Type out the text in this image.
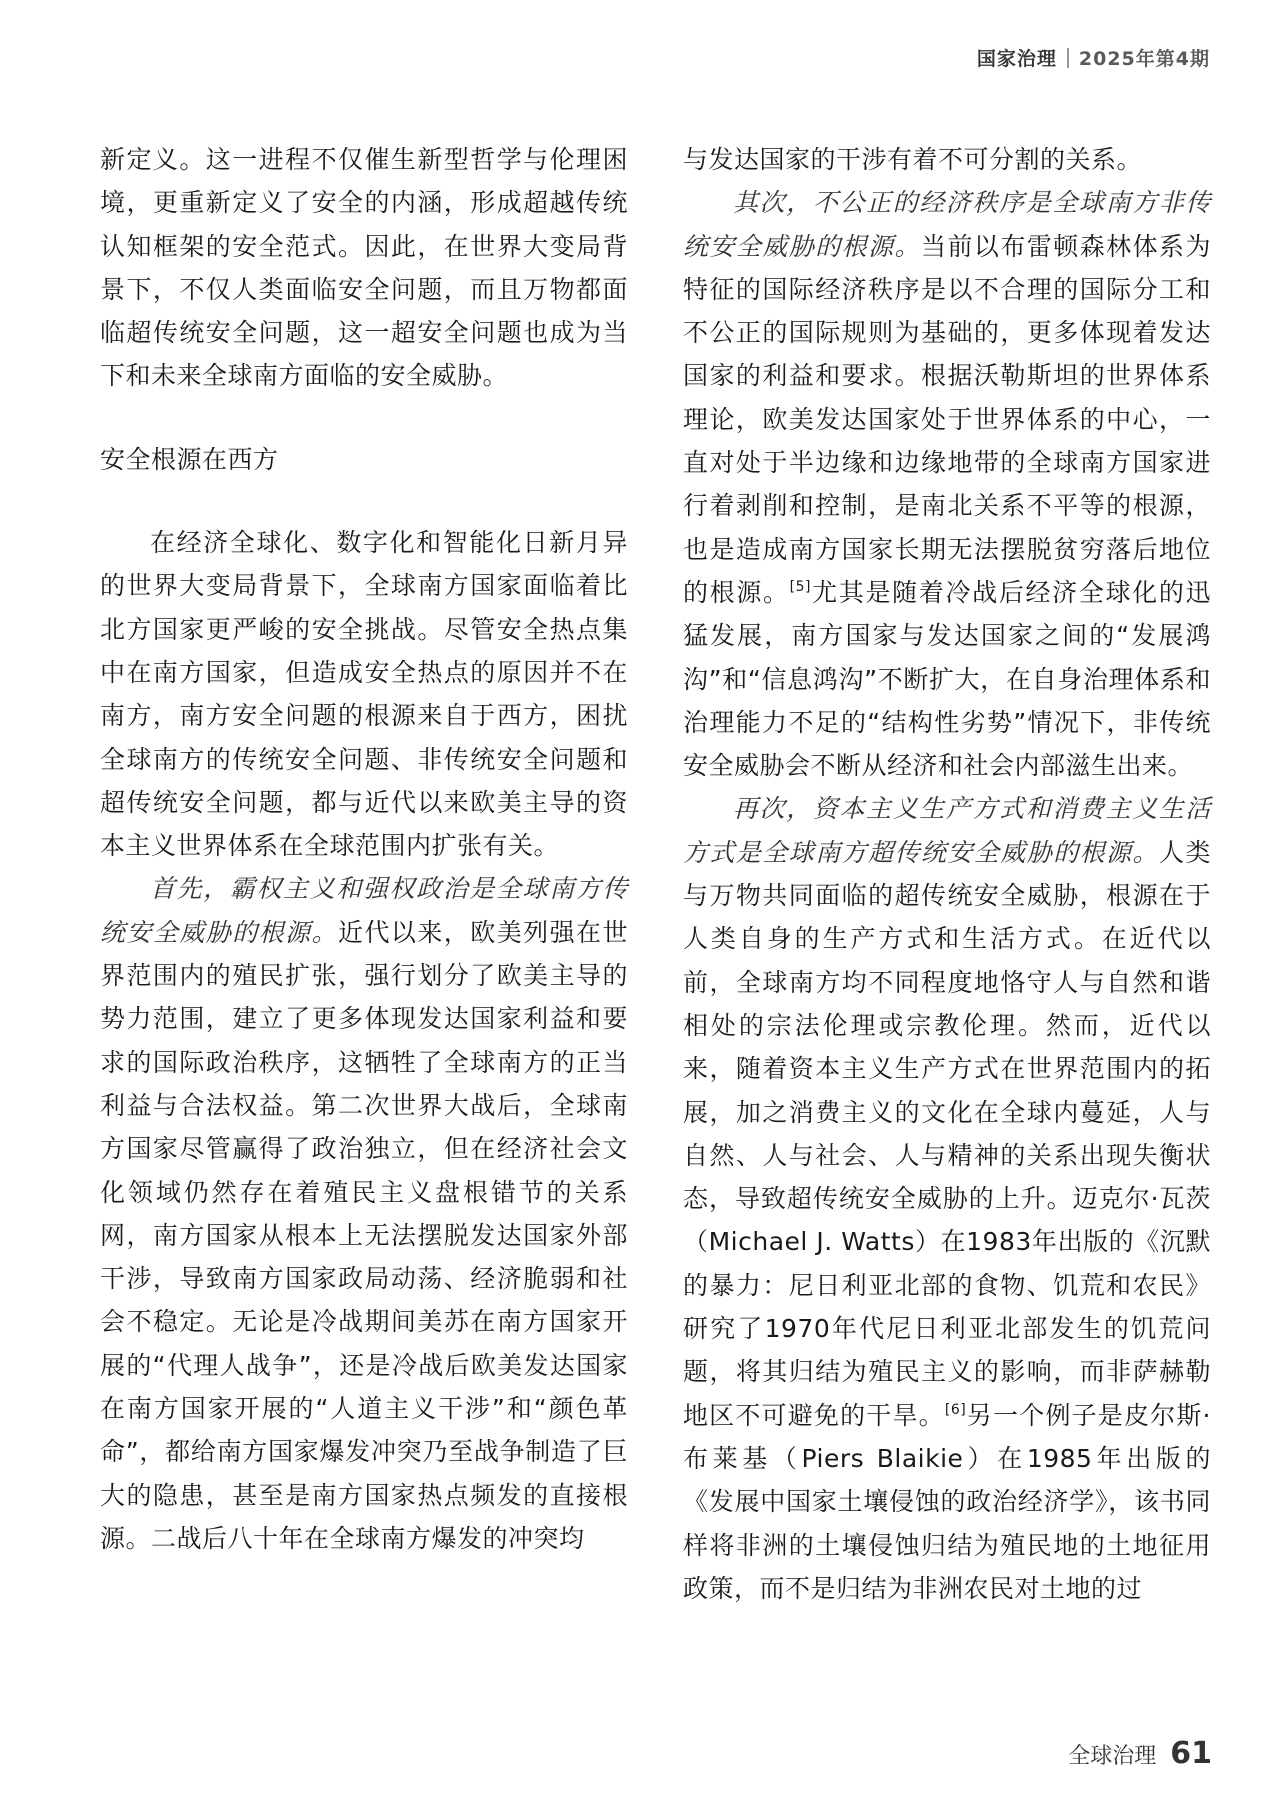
国家治理 2025年第4期

新定义。这一进程不仅催生新型哲学与伦理困境，更重新定义了安全的内涵，形成超越传统认知框架的安全范式。因此，在世界大变局背景下，不仅人类面临安全问题，而且万物都面临超传统安全问题，这一超安全问题也成为当下和未来全球南方面临的安全威胁。

安全根源在西方

在经济全球化、数字化和智能化日新月异的世界大变局背景下，全球南方国家面临着比北方国家更严峻的安全挑战。尽管安全热点集中在南方国家，但造成安全热点的原因并不在南方，南方安全问题的根源来自于西方，困扰全球南方的传统安全问题、非传统安全问题和超传统安全问题，都与近代以来欧美主导的资本主义世界体系在全球范围内扩张有关。

首先，霸权主义和强权政治是全球南方传统安全威胁的根源。近代以来，欧美列强在世界范围内的殖民扩张，强行划分了欧美主导的势力范围，建立了更多体现发达国家利益和要求的国际政治秩序，这牺牲了全球南方的正当利益与合法权益。第二次世界大战后，全球南方国家尽管赢得了政治独立，但在经济社会文化领域仍然存在着殖民主义盘根错节的关系网，南方国家从根本上无法摆脱发达国家外部干涉，导致南方国家政局动荡、经济脆弱和社会不稳定。无论是冷战期间美苏在南方国家开展的“代理人战争”，还是冷战后欧美发达国家在南方国家开展的“人道主义干涉”和“颜色革命”，都给南方国家爆发冲突乃至战争制造了巨大的隐患，甚至是南方国家热点频发的直接根源。二战后八十年在全球南方爆发的冲突均

与发达国家的干涉有着不可分割的关系。

其次，不公正的经济秩序是全球南方非传统安全威胁的根源。当前以布雷顿森林体系为特征的国际经济秩序是以不合理的国际分工和不公正的国际规则为基础的，更多体现着发达国家的利益和要求。根据沃勒斯坦的世界体系理论，欧美发达国家处于世界体系的中心，一直对处于半边缘和边缘地带的全球南方国家进行着剥削和控制，是南北关系不平等的根源，也是造成南方国家长期无法摆脱贫穷落后地位的根源。[5]尤其是随着冷战后经济全球化的迅猛发展，南方国家与发达国家之间的“发展鸿沟”和“信息鸿沟”不断扩大，在自身治理体系和治理能力不足的“结构性劣势”情况下，非传统安全威胁会不断从经济和社会内部滋生出来。

再次，资本主义生产方式和消费主义生活方式是全球南方超传统安全威胁的根源。人类与万物共同面临的超传统安全威胁，根源在于人类自身的生产方式和生活方式。在近代以前，全球南方均不同程度地恪守人与自然和谐相处的宗法伦理或宗教伦理。然而，近代以来，随着资本主义生产方式在世界范围内的拓展，加之消费主义的文化在全球内蔓延，人与自然、人与社会、人与精神的关系出现失衡状态，导致超传统安全威胁的上升。迈克尔·瓦茨（Michael J. Watts）在1983年出版的《沉默的暴力：尼日利亚北部的食物、饥荒和农民》研究了1970年代尼日利亚北部发生的饥荒问题，将其归结为殖民主义的影响，而非萨赫勒地区不可避免的干旱。[6]另一个例子是皮尔斯·布莱基（Piers Blaikie）在1985年出版的《发展中国家土壤侵蚀的政治经济学》，该书同样将非洲的土壤侵蚀归结为殖民地的土地征用政策，而不是归结为非洲农民对土地的过

全球治理 61
